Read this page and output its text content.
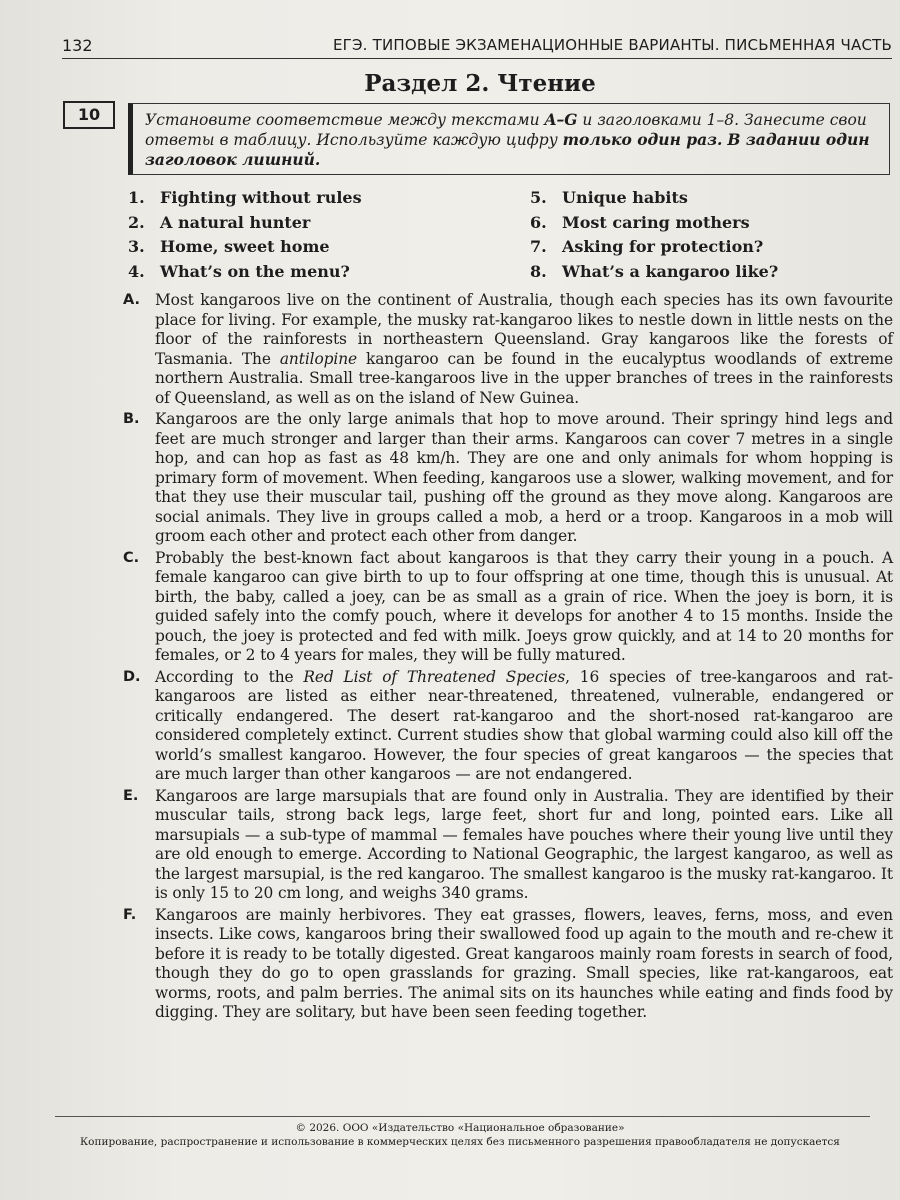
132	ЕГЭ. ТИПОВЫЕ ЭКЗАМЕНАЦИОННЫЕ ВАРИАНТЫ. ПИСЬМЕННАЯ ЧАСТЬ
Раздел 2. Чтение
10	Установите соответствие между текстами A–G и заголовками 1–8. Занесите свои ответы в таблицу. Используйте каждую цифру только один раз. В задании один заголовок лишний.
1. Fighting without rules
2. A natural hunter
3. Home, sweet home
4. What’s on the menu?
5. Unique habits
6. Most caring mothers
7. Asking for protection?
8. What’s a kangaroo like?
A. Most kangaroos live on the continent of Australia, though each species has its own favourite place for living. For example, the musky rat-kangaroo likes to nestle down in little nests on the floor of the rainforests in northeastern Queensland. Gray kangaroos like the forests of Tasmania. The antilopine kangaroo can be found in the eucalyptus woodlands of extreme northern Australia. Small tree-kangaroos live in the upper branches of trees in the rainforests of Queensland, as well as on the island of New Guinea.
B.	Kangaroos are the only large animals that hop to move around. Their springy hind legs and feet are much stronger and larger than their arms. Kangaroos can cover 7 metres in a single hop, and can hop as fast as 48 km/h. They are one and only animals for whom hopping is primary form of movement. When feeding, kangaroos use a slower, walking movement, and for that they use their muscular tail, pushing off the ground as they move along. Kangaroos are social animals. They live in groups called a mob, a herd or a troop. Kangaroos in a mob will groom each other and protect each other from danger.
C.	Probably the best-known fact about kangaroos is that they carry their young in a pouch. A female kangaroo can give birth to up to four offspring at one time, though this is unusual. At birth, the baby, called a joey, can be as small as a grain of rice. When the joey is born, it is guided safely into the comfy pouch, where it develops for another 4 to 15 months. Inside the pouch, the joey is protected and fed with milk. Joeys grow quickly, and at 14 to 20 months for females, or 2 to 4 years for males, they will be fully matured.
D. According to the Red List of Threatened Species, 16 species of tree-kangaroos and rat-kangaroos are listed as either near-threatened, threatened, vulnerable, endangered or critically endangered. The desert rat-kangaroo and the short-nosed rat-kangaroo are considered completely extinct. Current studies show that global warming could also kill off the world’s smallest kangaroo. However, the four species of great kangaroos — the species that are much larger than other kangaroos — are not endangered.
E.	Kangaroos are large marsupials that are found only in Australia. They are identified by their muscular tails, strong back legs, large feet, short fur and long, pointed ears. Like all marsupials — a sub-type of mammal — females have pouches where their young live until they are old enough to emerge. According to National Geographic, the largest kangaroo, as well as the largest marsupial, is the red kangaroo. The smallest kangaroo is the musky rat-kangaroo. It is only 15 to 20 cm long, and weighs 340 grams.
F.	Kangaroos are mainly herbivores. They eat grasses, flowers, leaves, ferns, moss, and even insects. Like cows, kangaroos bring their swallowed food up again to the mouth and re-chew it before it is ready to be totally digested. Great kangaroos mainly roam forests in search of food, though they do go to open grasslands for grazing. Small species, like rat-kangaroos, eat worms, roots, and palm berries. The animal sits on its haunches while eating and finds food by digging. They are solitary, but have been seen feeding together.
© 2026. ООО «Издательство «Национальное образование»
Копирование, распространение и использование в коммерческих целях без письменного разрешения правообладателя не допускается
